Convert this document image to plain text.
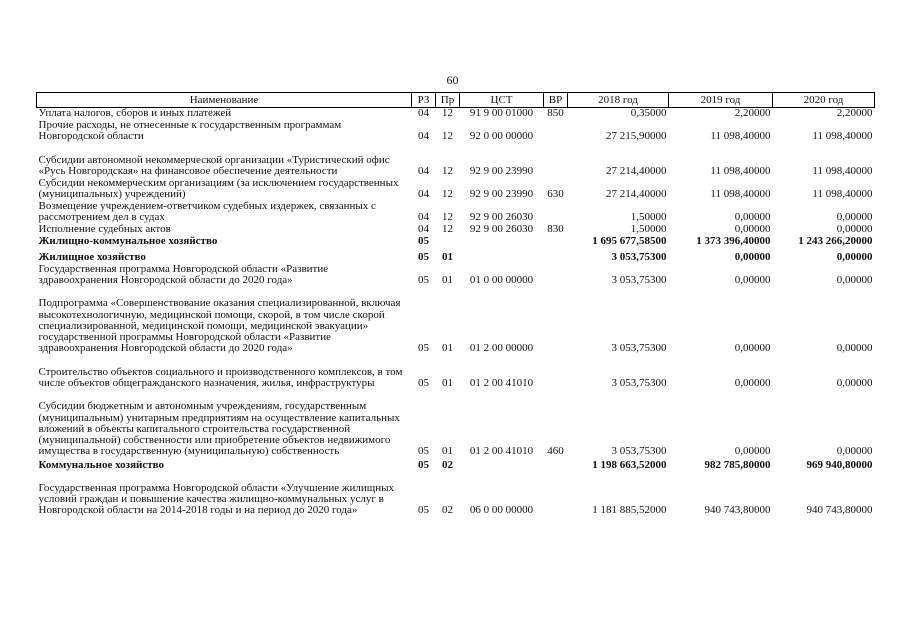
60
Наименование	РЗ	Пр	ЦСТ	ВР	2018 год	2019 год	2020 год
Уплата налогов, сборов и иных платежей	04	12	91 9 00 01000	850	0,35000	2,20000	2,20000
Прочие расходы, не отнесенные к государственным программам Новгородской области	04	12	92 0 00 00000		27 215,90000	11 098,40000	11 098,40000
Субсидии автономной некоммерческой организации «Туристический офис «Русь Новгородская» на финансовое обеспечение деятельности	04	12	92 9 00 23990		27 214,40000	11 098,40000	11 098,40000
Субсидии некоммерческим организациям (за исключением государственных (муниципальных) учреждений)	04	12	92 9 00 23990	630	27 214,40000	11 098,40000	11 098,40000
Возмещение учреждением-ответчиком судебных издержек, связанных с рассмотрением дел в судах	04	12	92 9 00 26030		1,50000	0,00000	0,00000
Исполнение судебных актов	04	12	92 9 00 26030	830	1,50000	0,00000	0,00000
Жилищно-коммунальное хозяйство	05				1 695 677,58500	1 373 396,40000	1 243 266,20000
Жилищное хозяйство	05	01			3 053,75300	0,00000	0,00000
Государственная программа Новгородской области «Развитие здравоохранения Новгородской области до 2020 года»	05	01	01 0 00 00000		3 053,75300	0,00000	0,00000
Подпрограмма «Совершенствование оказания специализированной, включая высокотехнологичную, медицинской помощи, скорой, в том числе скорой специализированной, медицинской помощи, медицинской эвакуации» государственной программы Новгородской области «Развитие здравоохранения Новгородской области до 2020 года»	05	01	01 2 00 00000		3 053,75300	0,00000	0,00000
Строительство объектов социального и производственного комплексов, в том числе объектов общегражданского назначения, жилья, инфраструктуры	05	01	01 2 00 41010		3 053,75300	0,00000	0,00000
Субсидии бюджетным и автономным учреждениям, государственным (муниципальным) унитарным предприятиям на осуществление капитальных вложений в объекты капитального строительства государственной (муниципальной) собственности или приобретение объектов недвижимого имущества в государственную (муниципальную) собственность	05	01	01 2 00 41010	460	3 053,75300	0,00000	0,00000
Коммунальное хозяйство	05	02			1 198 663,52000	982 785,80000	969 940,80000
Государственная программа Новгородской области «Улучшение жилищных условий граждан и повышение качества жилищно-коммунальных услуг в Новгородской области на 2014-2018 годы и на период до 2020 года»	05	02	06 0 00 00000		1 181 885,52000	940 743,80000	940 743,80000
